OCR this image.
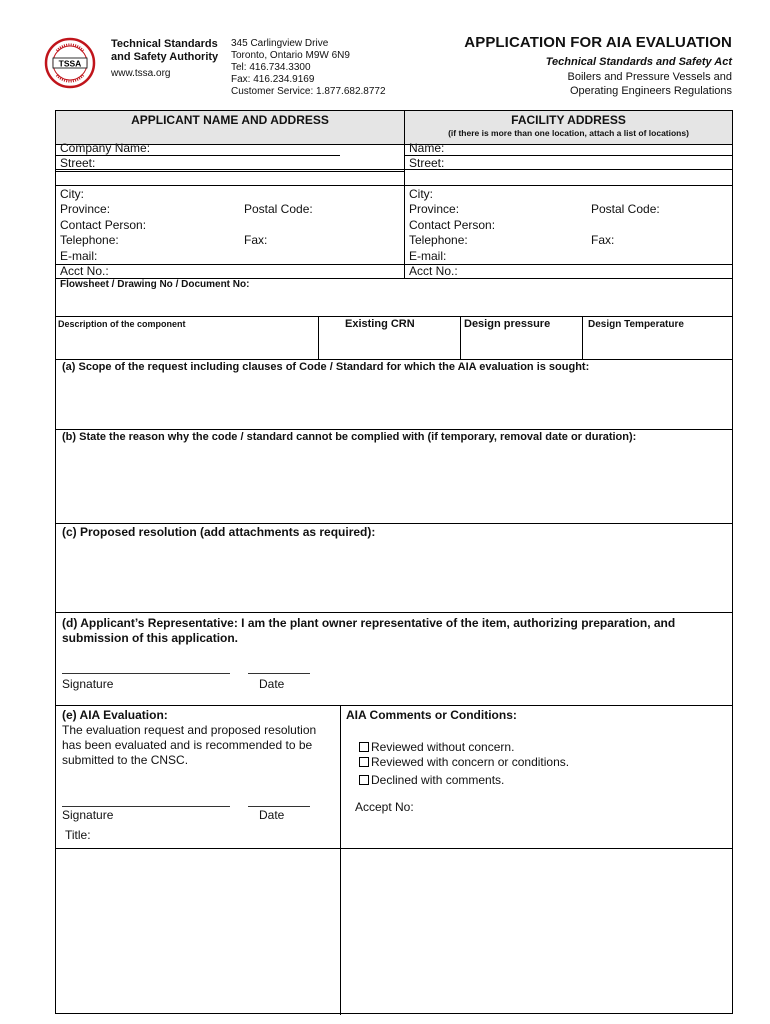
TSSA
Technical Standards
and Safety Authority
www.tssa.org
345 Carlingview Drive
Toronto, Ontario M9W 6N9
Tel: 416.734.3300
Fax: 416.234.9169
Customer Service: 1.877.682.8772
APPLICATION FOR AIA EVALUATION
Technical Standards and Safety Act
Boilers and Pressure Vessels and
Operating Engineers Regulations
APPLICANT NAME AND ADDRESS	FACILITY ADDRESS
(if there is more than one location, attach a list of locations)
Company Name:
Street:
City:
Province:	Postal Code:
Contact Person:
Telephone:	Fax:
E-mail:
Acct No.:
Name:
Street:
City:
Province:	Postal Code:
Contact Person:
Telephone:	Fax:
E-mail:
Acct No.:
Flowsheet / Drawing No / Document No:
Description of the component	Existing CRN	Design pressure	Design Temperature
(a) Scope of the request including clauses of Code / Standard for which the AIA evaluation is sought:
(b) State the reason why the code / standard cannot be complied with (if temporary, removal date or duration):
(c) Proposed resolution (add attachments as required):
(d) Applicant’s Representative: I am the plant owner representative of the item, authorizing preparation, and
submission of this application.
Signature	Date
(e) AIA Evaluation:
The evaluation request and proposed resolution
has been evaluated and is recommended to be
submitted to the CNSC.
Signature	Date
Title:
AIA Comments or Conditions:
Reviewed without concern.
Reviewed with concern or conditions.
Declined with comments.
Accept No:
